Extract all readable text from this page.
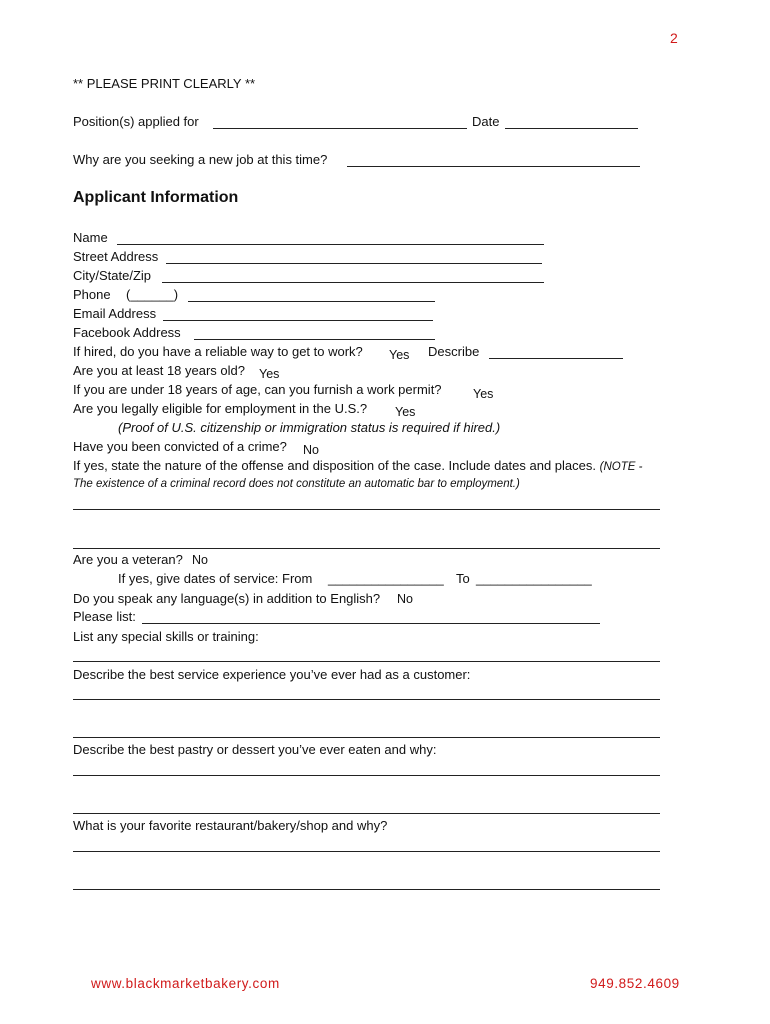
2
** PLEASE PRINT CLEARLY **
Position(s) applied for	Date
Why are you seeking a new job at this time?
Applicant Information
Name
Street Address
City/State/Zip
Phone (______)
Email Address
Facebook Address
If hired, do you have a reliable way to get to work? Yes Describe
Are you at least 18 years old? Yes
If you are under 18 years of age, can you furnish a work permit?	Yes
Are you legally eligible for employment in the U.S.? Yes
(Proof of U.S. citizenship or immigration status is required if hired.)
Have you been convicted of a crime? No
If yes, state the nature of the offense and disposition of the case. Include dates and places. (NOTE -
The existence of a criminal record does not constitute an automatic bar to employment.)
Are you a veteran? No
If yes, give dates of service: From ________________ To ________________
Do you speak any language(s) in addition to English? No
Please list:
List any special skills or training:
Describe the best service experience you’ve ever had as a customer:
Describe the best pastry or dessert you’ve ever eaten and why:
What is your favorite restaurant/bakery/shop and why?
www.blackmarketbakery.com	949.852.4609
